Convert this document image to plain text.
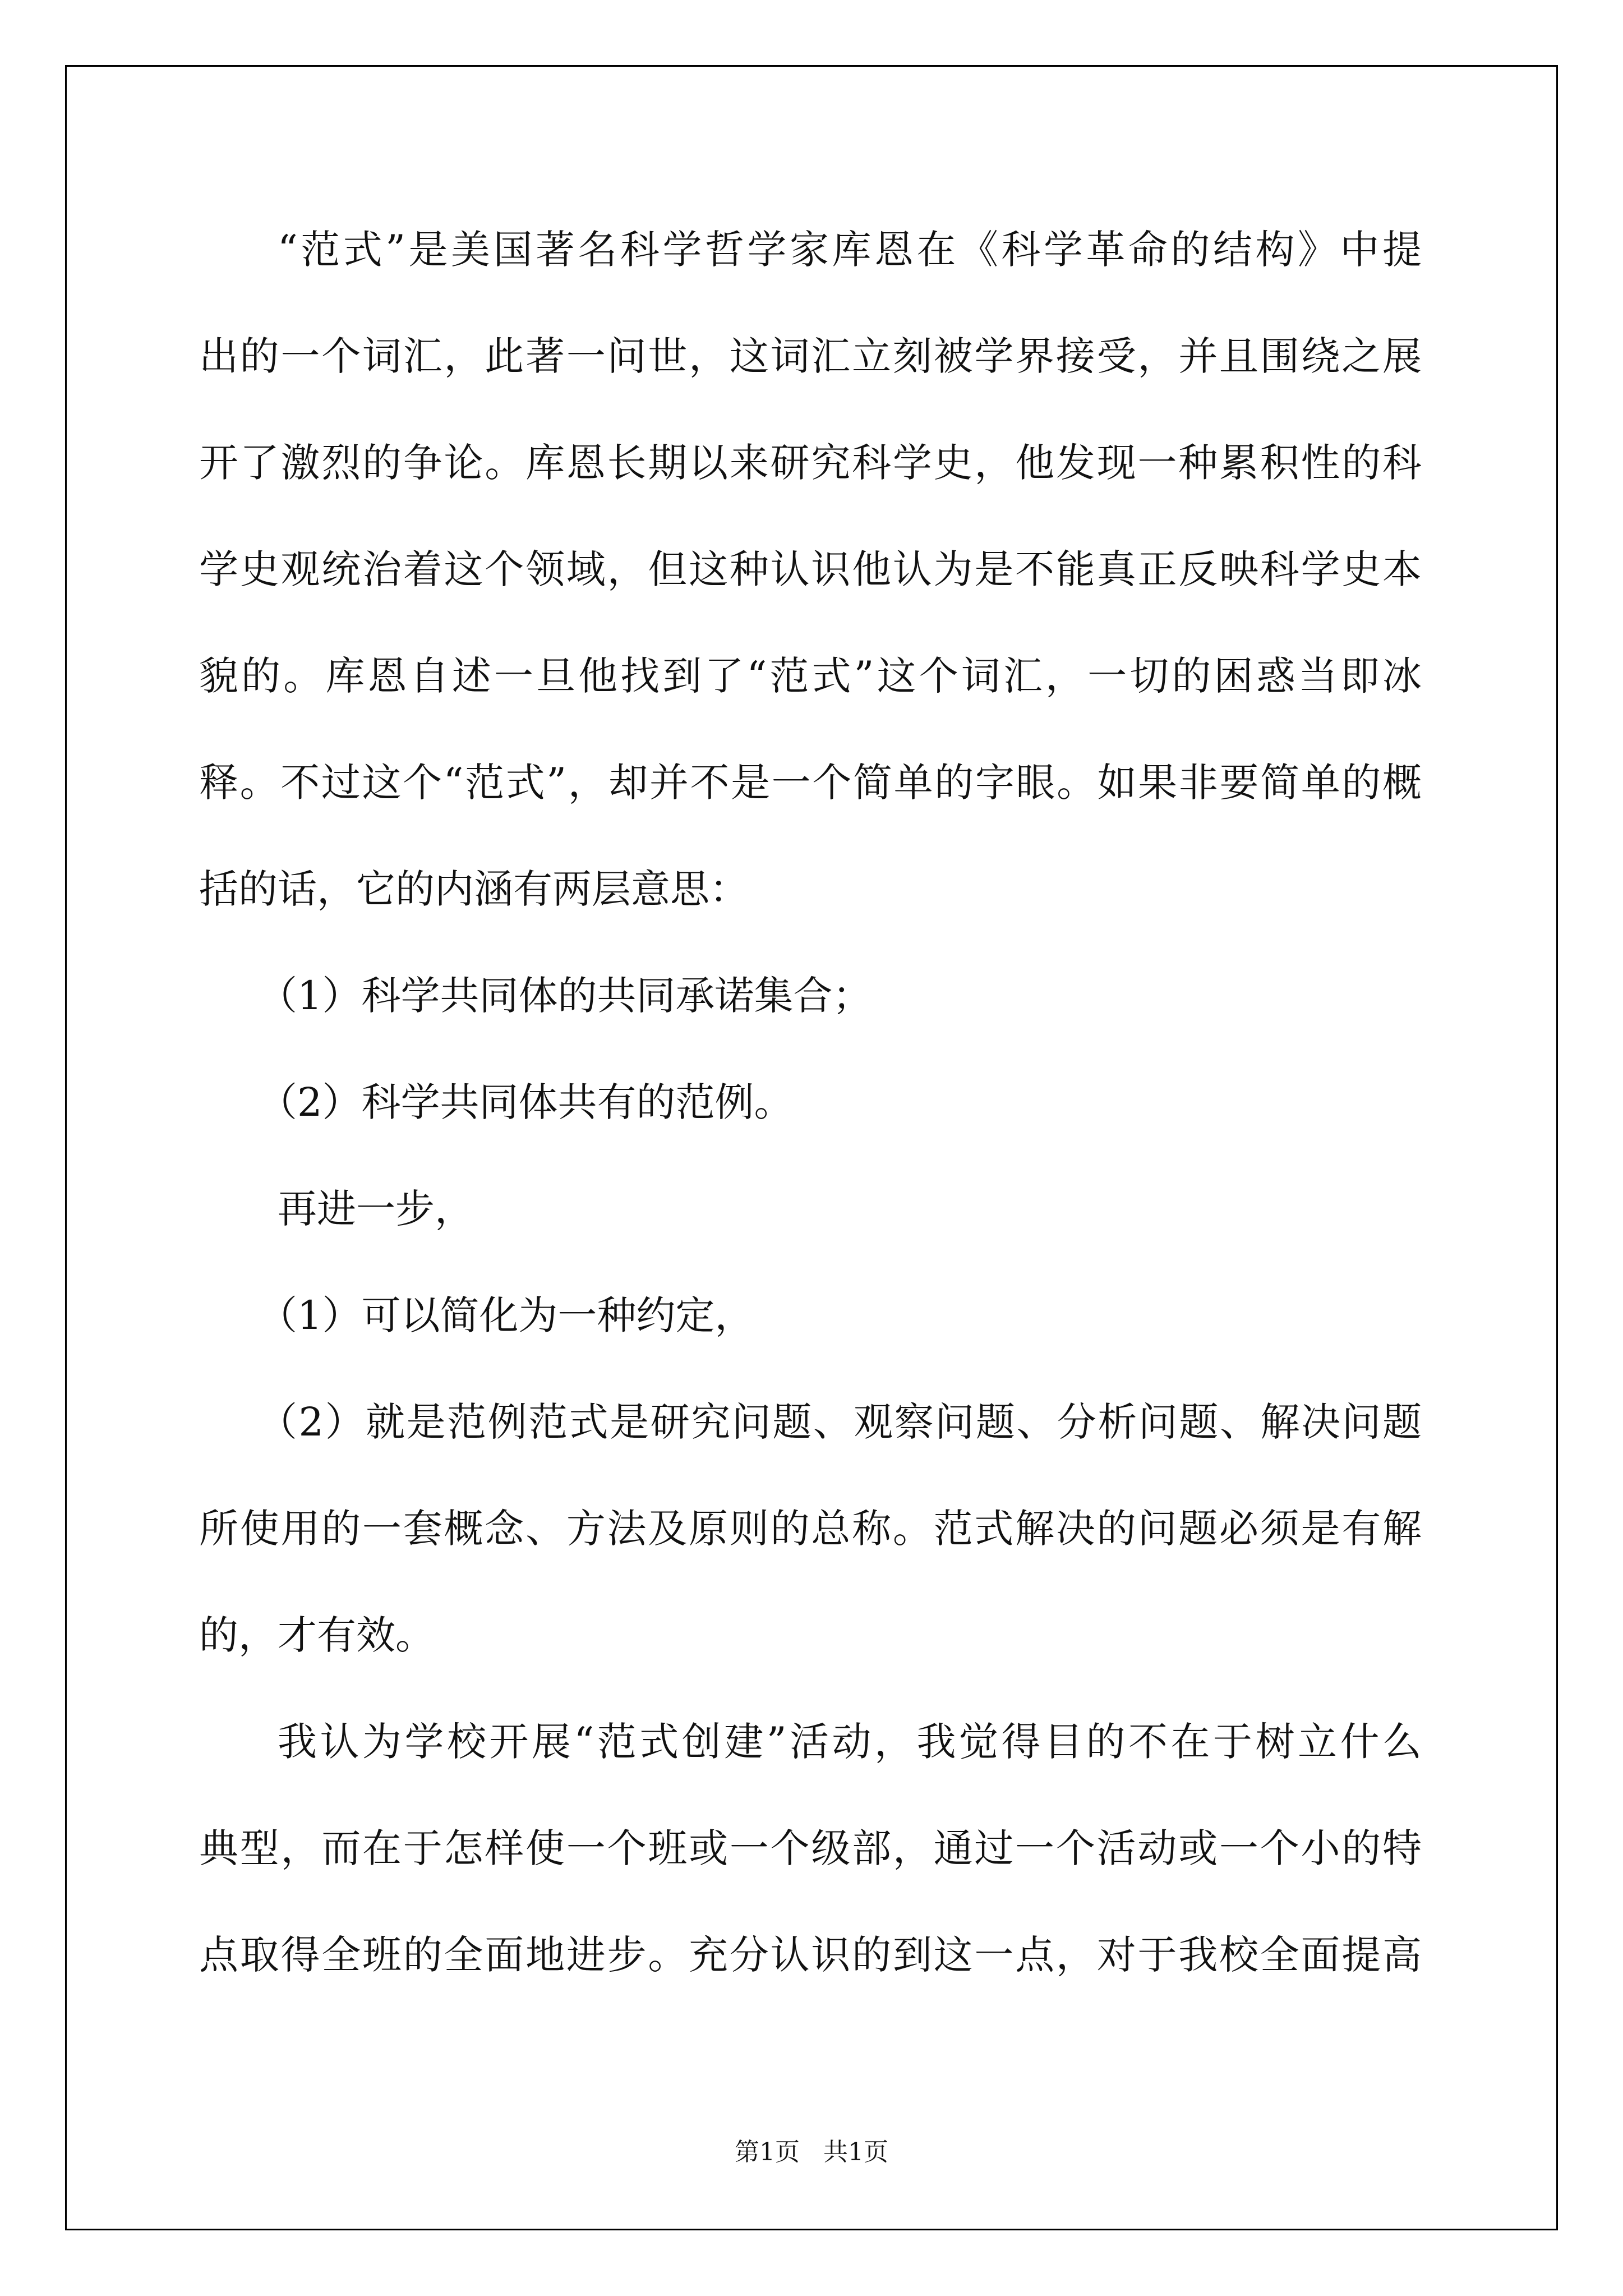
“范式”是美国著名科学哲学家库恩在《科学革命的结构》中提
出的一个词汇，此著一问世，这词汇立刻被学界接受，并且围绕之展
开了激烈的争论。库恩长期以来研究科学史，他发现一种累积性的科
学史观统治着这个领域，但这种认识他认为是不能真正反映科学史本
貌的。库恩自述一旦他找到了“范式”这个词汇，一切的困惑当即冰
释。不过这个“范式”，却并不是一个简单的字眼。如果非要简单的概
括的话，它的内涵有两层意思：
（1）科学共同体的共同承诺集合；
（2）科学共同体共有的范例。
再进一步，
（1）可以简化为一种约定，
（2）就是范例范式是研究问题、观察问题、分析问题、解决问题
所使用的一套概念、方法及原则的总称。范式解决的问题必须是有解
的，才有效。
我认为学校开展“范式创建”活动，我觉得目的不在于树立什么
典型，而在于怎样使一个班或一个级部，通过一个活动或一个小的特
点取得全班的全面地进步。充分认识的到这一点，对于我校全面提高
第1页 共1页
